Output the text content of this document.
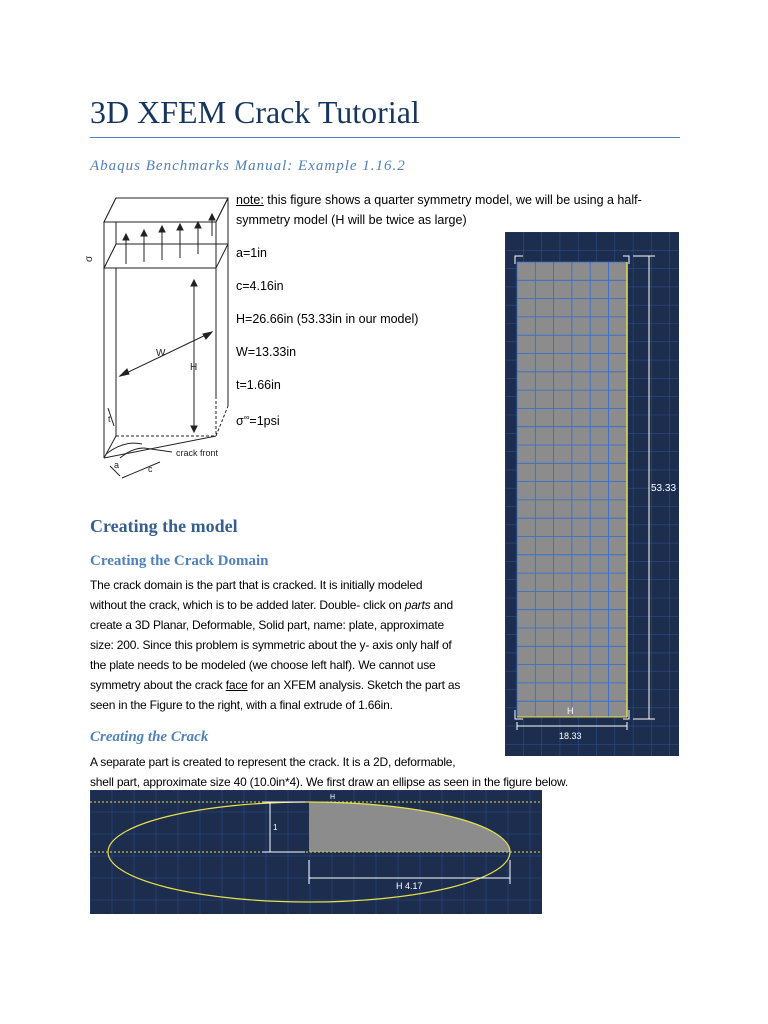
3D XFEM Crack Tutorial
Abaqus Benchmarks Manual: Example 1.16.2
σ
W
H
t
a	c
crack front
note: this figure shows a quarter symmetry model, we will be using a half-
symmetry model (H will be twice as large)
a=1in
c=4.16in
H=26.66in (53.33in in our model)
W=13.33in
t=1.66in
σ∞=1psi
53.33
H
18.33
Creating the model
Creating the Crack Domain
The crack domain is the part that is cracked. It is initially modeled
without the crack, which is to be added later. Double- click on parts and
create a 3D Planar, Deformable, Solid part, name: plate, approximate
size: 200. Since this problem is symmetric about the y- axis only half of
the plate needs to be modeled (we choose left half). We cannot use
symmetry about the crack face for an XFEM analysis. Sketch the part as
seen in the Figure to the right, with a final extrude of 1.66in.
Creating the Crack
A separate part is created to represent the crack. It is a 2D, deformable,
shell part, approximate size 40 (10.0in*4). We first draw an ellipse as seen in the figure below.
H
1
H 4.17
